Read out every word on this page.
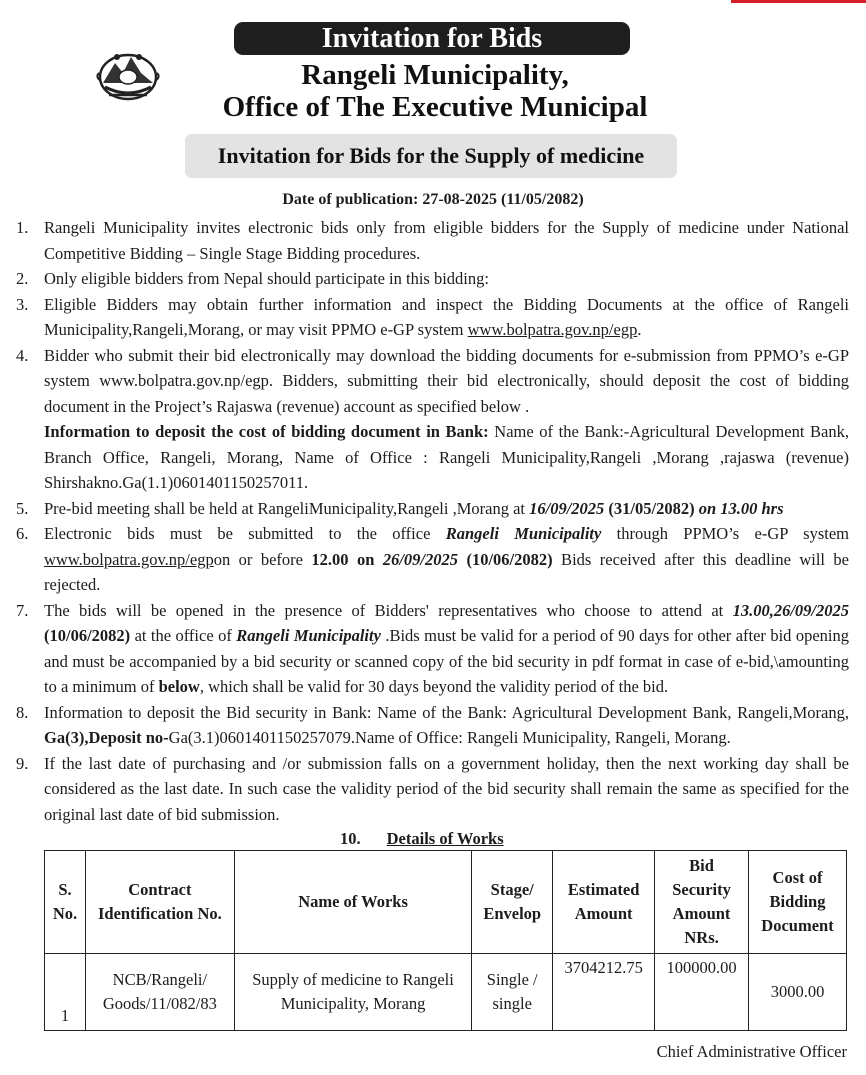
Invitation for Bids
Rangeli Municipality,
Office of The Executive Municipal
Invitation for Bids for the Supply of medicine
Date of publication: 27-08-2025 (11/05/2082)
1. Rangeli Municipality invites electronic bids only from eligible bidders for the Supply of medicine under National Competitive Bidding – Single Stage Bidding procedures.
2. Only eligible bidders from Nepal should participate in this bidding:
3. Eligible Bidders may obtain further information and inspect the Bidding Documents at the office of Rangeli Municipality,Rangeli,Morang, or may visit PPMO e-GP system www.bolpatra.gov.np/egp.
4. Bidder who submit their bid electronically may download the bidding documents for e-submission from PPMO’s e-GP system www.bolpatra.gov.np/egp. Bidders, submitting their bid electronically, should deposit the cost of bidding document in the Project’s Rajaswa (revenue) account as specified below .
Information to deposit the cost of bidding document in Bank: Name of the Bank:-Agricultural Development Bank, Branch Office, Rangeli, Morang, Name of Office : Rangeli Municipality,Rangeli ,Morang ,rajaswa (revenue) Shirshakno.Ga(1.1)060140115025701​1.
5. Pre-bid meeting shall be held at RangeliMunicipality,Rangeli ,Morang at 16/09/2025 (31/05/2082) on 13.00 hrs
6. Electronic bids must be submitted to the office Rangeli Municipality through PPMO’s e-GP system www.bolpatra.gov.np/egpon or before 12.00 on 26/09/2025 (10/06/2082) Bids received after this deadline will be rejected.
7. The bids will be opened in the presence of Bidders' representatives who choose to attend at 13.00,26/09/2025 (10/06/2082) at the office of Rangeli Municipality .Bids must be valid for a period of 90 days for other after bid opening and must be accompanied by a bid security or scanned copy of the bid security in pdf format in case of e-bid,\amounting to a minimum of below, which shall be valid for 30 days beyond the validity period of the bid.
8. Information to deposit the Bid security in Bank: Name of the Bank: Agricultural Development Bank, Rangeli,Morang, Ga(3),Deposit no-Ga(3.1)0601401150257079.Name of Office: Rangeli Municipality, Rangeli, Morang.
9. If the last date of purchasing and /or submission falls on a government holiday, then the next working day shall be considered as the last date. In such case the validity period of the bid security shall remain the same as specified for the original last date of bid submission.
10. Details of Works
S. No.	Contract Identification No.	Name of Works	Stage/ Envelop	Estimated Amount	Bid Security Amount NRs.	Cost of Bidding Document
1	NCB/Rangeli/ Goods/11/082/83	Supply of medicine to Rangeli Municipality, Morang	Single / single	3704212.75	100000.00	3000.00
Chief Administrative Officer
